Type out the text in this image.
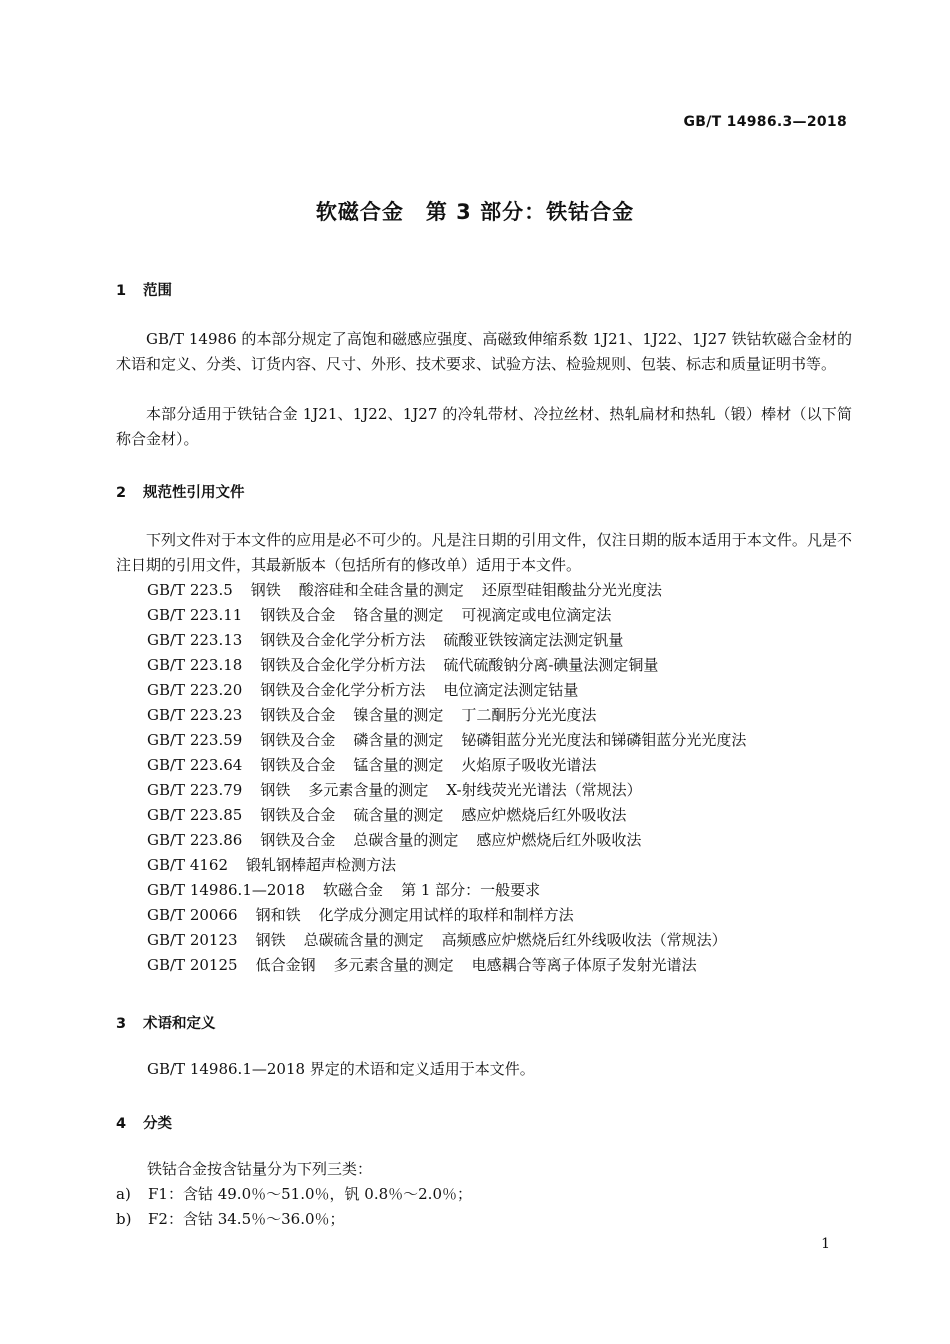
GB/T 14986.3—2018
软磁合金　第 3 部分：铁钴合金
1 范围

GB/T 14986 的本部分规定了高饱和磁感应强度、高磁致伸缩系数 1J21、1J22、1J27 铁钴软磁合金材的术语和定义、分类、订货内容、尺寸、外形、技术要求、试验方法、检验规则、包装、标志和质量证明书等。

本部分适用于铁钴合金 1J21、1J22、1J27 的冷轧带材、冷拉丝材、热轧扁材和热轧（锻）棒材（以下简称合金材）。

2 规范性引用文件

下列文件对于本文件的应用是必不可少的。凡是注日期的引用文件，仅注日期的版本适用于本文件。凡是不注日期的引用文件，其最新版本（包括所有的修改单）适用于本文件。

GB/T 223.5 钢铁 酸溶硅和全硅含量的测定 还原型硅钼酸盐分光光度法
GB/T 223.11 钢铁及合金 铬含量的测定 可视滴定或电位滴定法
GB/T 223.13 钢铁及合金化学分析方法 硫酸亚铁铵滴定法测定钒量
GB/T 223.18 钢铁及合金化学分析方法 硫代硫酸钠分离-碘量法测定铜量
GB/T 223.20 钢铁及合金化学分析方法 电位滴定法测定钴量
GB/T 223.23 钢铁及合金 镍含量的测定 丁二酮肟分光光度法
GB/T 223.59 钢铁及合金 磷含量的测定 铋磷钼蓝分光光度法和锑磷钼蓝分光光度法
GB/T 223.64 钢铁及合金 锰含量的测定 火焰原子吸收光谱法
GB/T 223.79 钢铁 多元素含量的测定 X-射线荧光光谱法（常规法）
GB/T 223.85 钢铁及合金 硫含量的测定 感应炉燃烧后红外吸收法
GB/T 223.86 钢铁及合金 总碳含量的测定 感应炉燃烧后红外吸收法
GB/T 4162 锻轧钢棒超声检测方法
GB/T 14986.1—2018 软磁合金 第 1 部分：一般要求
GB/T 20066 钢和铁 化学成分测定用试样的取样和制样方法
GB/T 20123 钢铁 总碳硫含量的测定 高频感应炉燃烧后红外线吸收法（常规法）
GB/T 20125 低合金钢 多元素含量的测定 电感耦合等离子体原子发射光谱法
3 术语和定义
GB/T 14986.1—2018 界定的术语和定义适用于本文件。
4 分类
铁钴合金按含钴量分为下列三类：
a) F1：含钴 49.0％～51.0％，钒 0.8％～2.0％；
b) F2：含钴 34.5％～36.0％；
1
